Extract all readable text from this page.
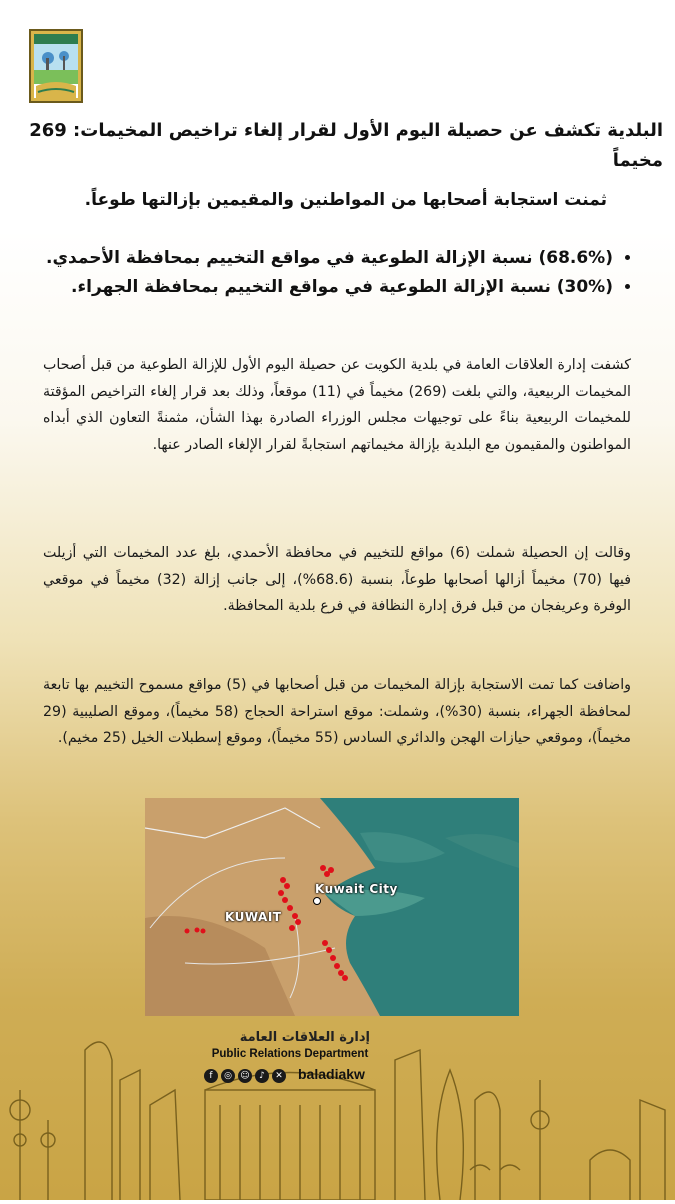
البلدية تكشف عن حصيلة اليوم الأول لقرار إلغاء تراخيص المخيمات: 269 مخيماً
ثمنت استجابة أصحابها من المواطنين والمقيمين بإزالتها طوعاً.
• (68.6%) نسبة الإزالة الطوعية في مواقع التخييم بمحافظة الأحمدي.
• (30%) نسبة الإزالة الطوعية في مواقع التخييم بمحافظة الجهراء.

كشفت إدارة العلاقات العامة في بلدية الكويت عن حصيلة اليوم الأول للإزالة الطوعية من قبل أصحاب المخيمات الربيعية، والتي بلغت (269) مخيماً في (11) موقعاً، وذلك بعد قرار إلغاء التراخيص المؤقتة للمخيمات الربيعية بناءً على توجيهات مجلس الوزراء الصادرة بهذا الشأن، مثمنةً التعاون الذي أبداه المواطنون والمقيمون مع البلدية بإزالة مخيماتهم استجابةً لقرار الإلغاء الصادر عنها.

وقالت إن الحصيلة شملت (6) مواقع للتخييم في محافظة الأحمدي، بلغ عدد المخيمات التي أزيلت فيها (70) مخيماً أزالها أصحابها طوعاً، بنسبة (68.6%)، إلى جانب إزالة (32) مخيماً في موقعي الوفرة وعريفجان من قبل فرق إدارة النظافة في فرع بلدية المحافظة.

واضافت كما تمت الاستجابة بإزالة المخيمات من قبل أصحابها في (5) مواقع مسموح التخييم بها تابعة لمحافظة الجهراء، بنسبة (30%)، وشملت: موقع استراحة الحجاج (58 مخيماً)، وموقع الصليبية (29 مخيماً)، وموقعي حيازات الهجن والدائري السادس (55 مخيماً)، وموقع إسطبلات الخيل (25 مخيم).

Kuwait City
KUWAIT
إدارة العلاقات العامة
Public Relations Department
f	◎ ☺	♪	✕ baladiakw
